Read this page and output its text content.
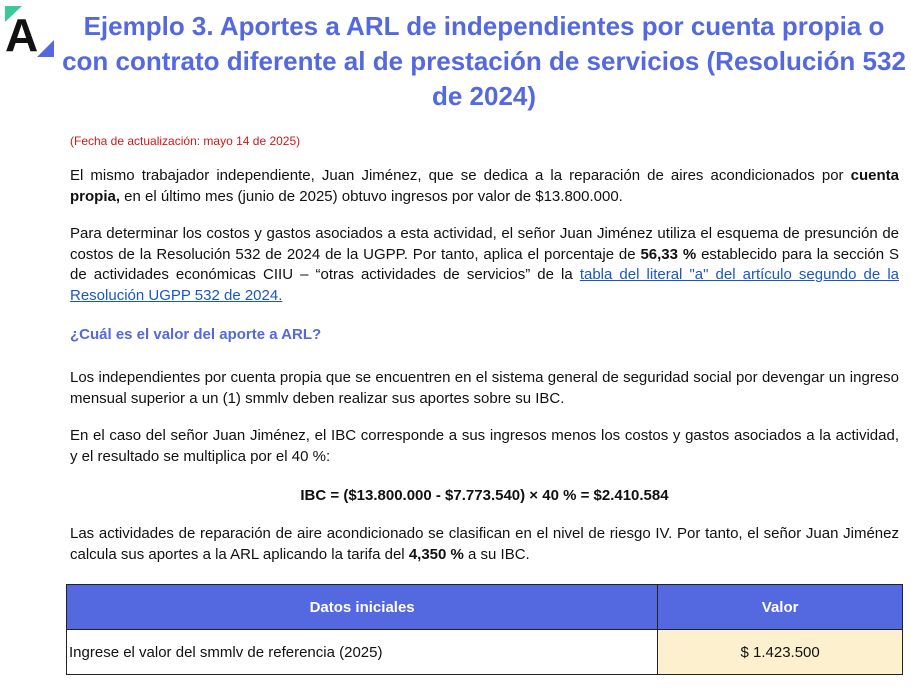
A	Ejemplo 3. Aportes a ARL de independientes por cuenta propia o con contrato diferente al de prestación de servicios (Resolución 532 de 2024)
(Fecha de actualización: mayo 14 de 2025)

El mismo trabajador independiente, Juan Jiménez, que se dedica a la reparación de aires acondicionados por cuenta propia, en el último mes (junio de 2025) obtuvo ingresos por valor de $13.800.000.

Para determinar los costos y gastos asociados a esta actividad, el señor Juan Jiménez utiliza el esquema de presunción de costos de la Resolución 532 de 2024 de la UGPP. Por tanto, aplica el porcentaje de 56,33 % establecido para la sección S de actividades económicas CIIU – “otras actividades de servicios” de la tabla del literal "a" del artículo segundo de la Resolución UGPP 532 de 2024.

¿Cuál es el valor del aporte a ARL?

Los independientes por cuenta propia que se encuentren en el sistema general de seguridad social por devengar un ingreso mensual superior a un (1) smmlv deben realizar sus aportes sobre su IBC.

En el caso del señor Juan Jiménez, el IBC corresponde a sus ingresos menos los costos y gastos asociados a la actividad, y el resultado se multiplica por el 40 %:

IBC = ($13.800.000 - $7.773.540) × 40 % = $2.410.584

Las actividades de reparación de aire acondicionado se clasifican en el nivel de riesgo IV. Por tanto, el señor Juan Jiménez calcula sus aportes a la ARL aplicando la tarifa del 4,350 % a su IBC.

Datos iniciales	Valor
Ingrese el valor del smmlv de referencia (2025)	$ 1.423.500
